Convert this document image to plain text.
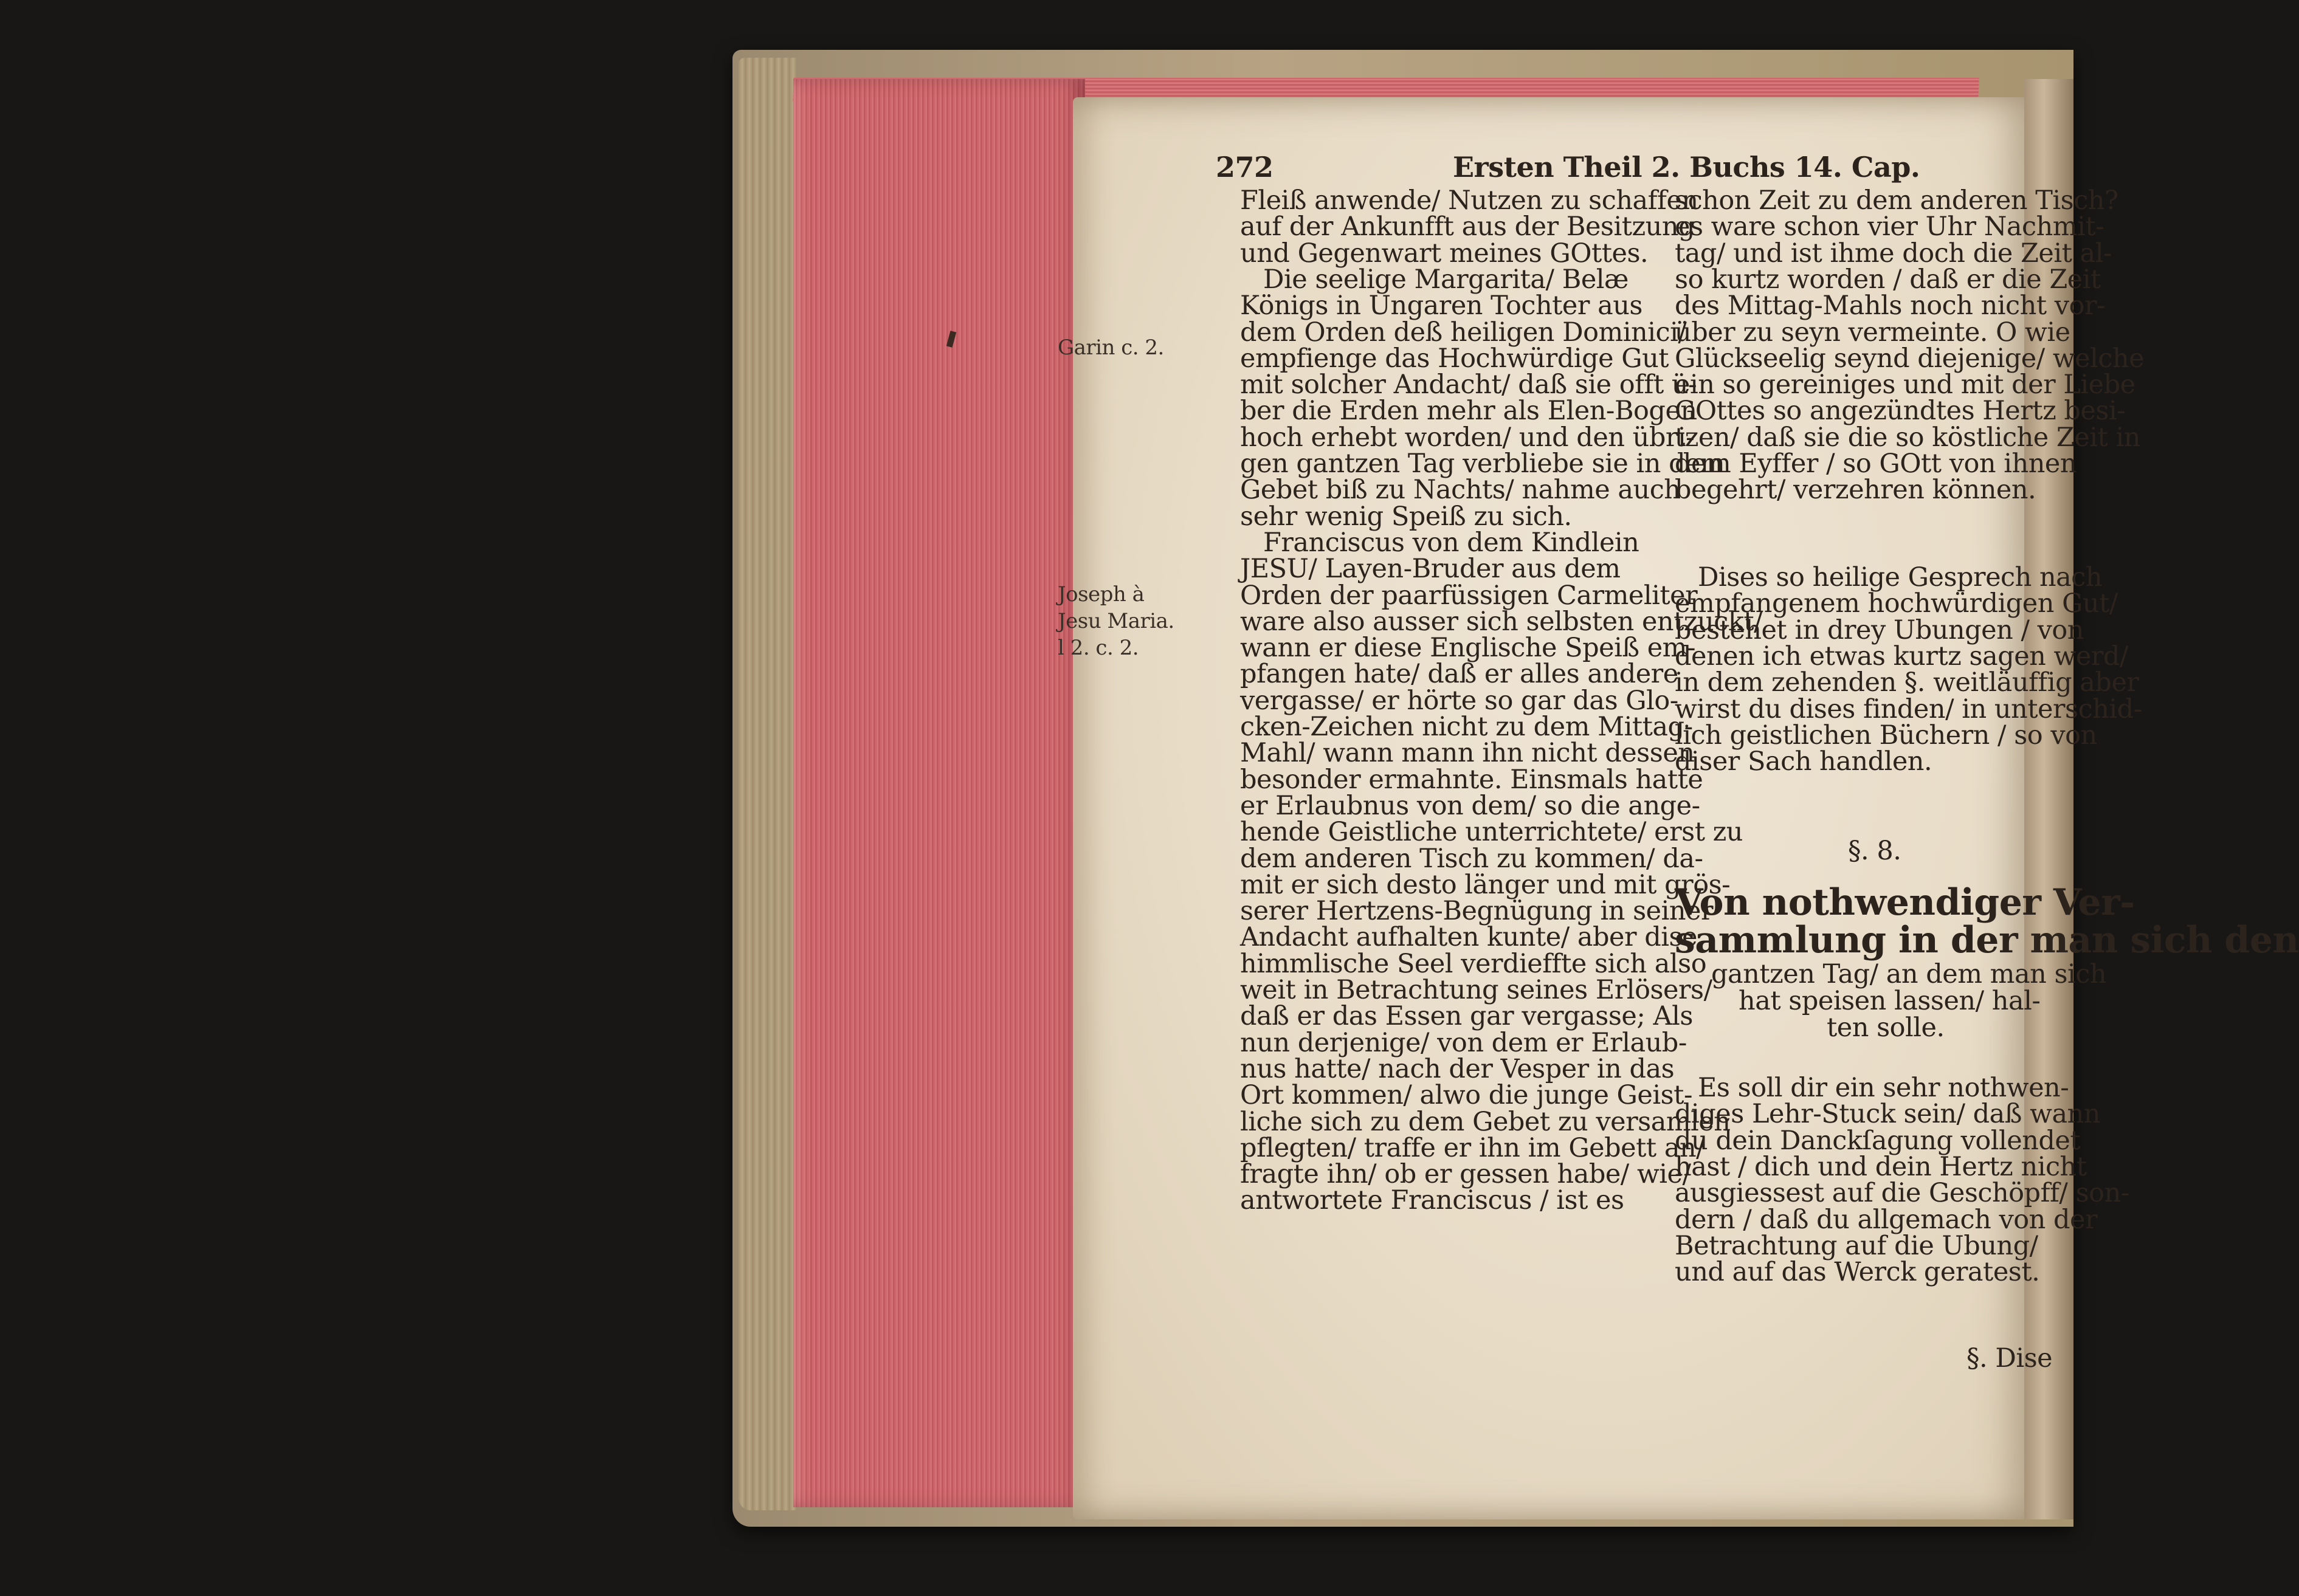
272	Ersten Theil 2. Buchs 14. Cap.
Garin c. 2.
Joseph à
Jesu Maria.
l 2. c. 2.
Fleiß anwende/ Nutzen zu schaffen
auf der Ankunfft aus der Besitzung
und Gegenwart meines GOttes.
Die seelige Margarita/ Belæ
Königs in Ungaren Tochter aus
dem Orden deß heiligen Dominici/
empfienge das Hochwürdige Gut
mit solcher Andacht/ daß sie offt ü-
ber die Erden mehr als Elen-Bogen
hoch erhebt worden/ und den übri-
gen gantzen Tag verbliebe sie in dem
Gebet biß zu Nachts/ nahme auch
sehr wenig Speiß zu sich.
Franciscus von dem Kindlein
JESU/ Layen-Bruder aus dem
Orden der paarfüssigen Carmeliter
ware also ausser sich selbsten entzuckt/
wann er diese Englische Speiß em-
pfangen hate/ daß er alles andere
vergasse/ er hörte so gar das Glo-
cken-Zeichen nicht zu dem Mittag-
Mahl/ wann mann ihn nicht dessen
besonder ermahnte. Einsmals hatte
er Erlaubnus von dem/ so die ange-
hende Geistliche unterrichtete/ erst zu
dem anderen Tisch zu kommen/ da-
mit er sich desto länger und mit grös-
serer Hertzens-Begnügung in seiner
Andacht aufhalten kunte/ aber dise
himmlische Seel verdieffte sich also
weit in Betrachtung seines Erlösers/
daß er das Essen gar vergasse; Als
nun derjenige/ von dem er Erlaub-
nus hatte/ nach der Vesper in das
Ort kommen/ alwo die junge Geist-
liche sich zu dem Gebet zu versamlen
pflegten/ traffe er ihn im Gebett an/
fragte ihn/ ob er gessen habe/ wie/
antwortete Franciscus / ist es
schon Zeit zu dem anderen Tisch?
es ware schon vier Uhr Nachmit-
tag/ und ist ihme doch die Zeit al-
so kurtz worden / daß er die Zeit
des Mittag-Mahls noch nicht vor-
über zu seyn vermeinte. O wie
Glückseelig seynd diejenige/ welche
ein so gereiniges und mit der Liebe
GOttes so angezündtes Hertz besi-
tzen/ daß sie die so köstliche Zeit in
dem Eyffer / so GOtt von ihnen
begehrt/ verzehren können.
Dises so heilige Gesprech nach
empfangenem hochwürdigen Gut/
bestehet in drey Ubungen / von
denen ich etwas kurtz sagen werd/
in dem zehenden §. weitläuffig aber
wirst du dises finden/ in unterschid-
lich geistlichen Büchern / so von
diser Sach handlen.
§. 8.
Von nothwendiger Ver-
sammlung in der man sich den
gantzen Tag/ an dem man sich
hat speisen lassen/ hal-
ten solle.
Es soll dir ein sehr nothwen-
diges Lehr-Stuck sein/ daß wann
du dein Danckſagung vollendet
hast / dich und dein Hertz nicht
ausgiessest auf die Geschöpff/ son-
dern / daß du allgemach von der
Betrachtung auf die Ubung/
und auf das Werck geratest.
§. Dise
